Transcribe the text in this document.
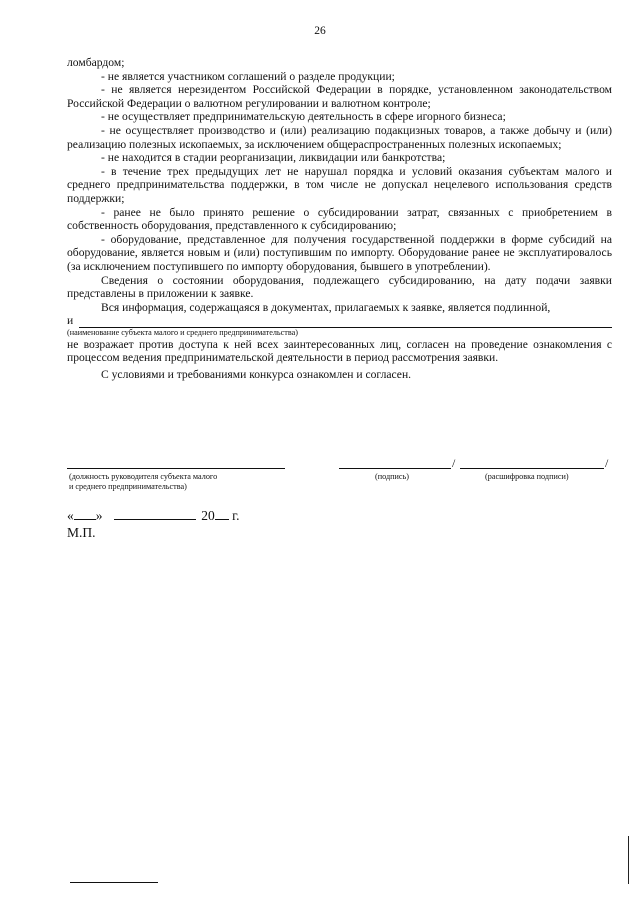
26

ломбардом;

- не является участником соглашений о разделе продукции;

- не является нерезидентом Российской Федерации в порядке, установленном законодательством Российской Федерации о валютном регулировании и валютном контроле;

- не осуществляет предпринимательскую деятельность в сфере игорного бизнеса;

- не осуществляет производство и (или) реализацию подакцизных товаров, а также добычу и (или) реализацию полезных ископаемых, за исключением общераспространенных полезных ископаемых;

- не находится в стадии реорганизации, ликвидации или банкротства;

- в течение трех предыдущих лет не нарушал порядка и условий оказания субъектам малого и среднего предпринимательства поддержки, в том числе не допускал нецелевого использования средств поддержки;

- ранее не было принято решение о субсидировании затрат, связанных с приобретением в собственность оборудования, представленного к субсидированию;

- оборудование, представленное для получения государственной поддержки в форме субсидий на оборудование, является новым и (или) поступившим по импорту. Оборудование ранее не эксплуатировалось (за исключением поступившего по импорту оборудования, бывшего в употреблении).

Сведения о состоянии оборудования, подлежащего субсидированию, на дату подачи заявки представлены в приложении к заявке.

Вся информация, содержащаяся в документах, прилагаемых к заявке, является подлинной,

и

(наименование субъекта малого и среднего предпринимательства)

не возражает против доступа к ней всех заинтересованных лиц, согласен на проведение ознакомления с процессом ведения предпринимательской деятельности в период рассмотрения заявки.

С условиями и требованиями конкурса ознакомлен и согласен.

/	/
(должность руководителя субъекта малого
и среднего предпринимательства)
(подпись)	(расшифровка подписи)
« »	20 г.
М.П.
